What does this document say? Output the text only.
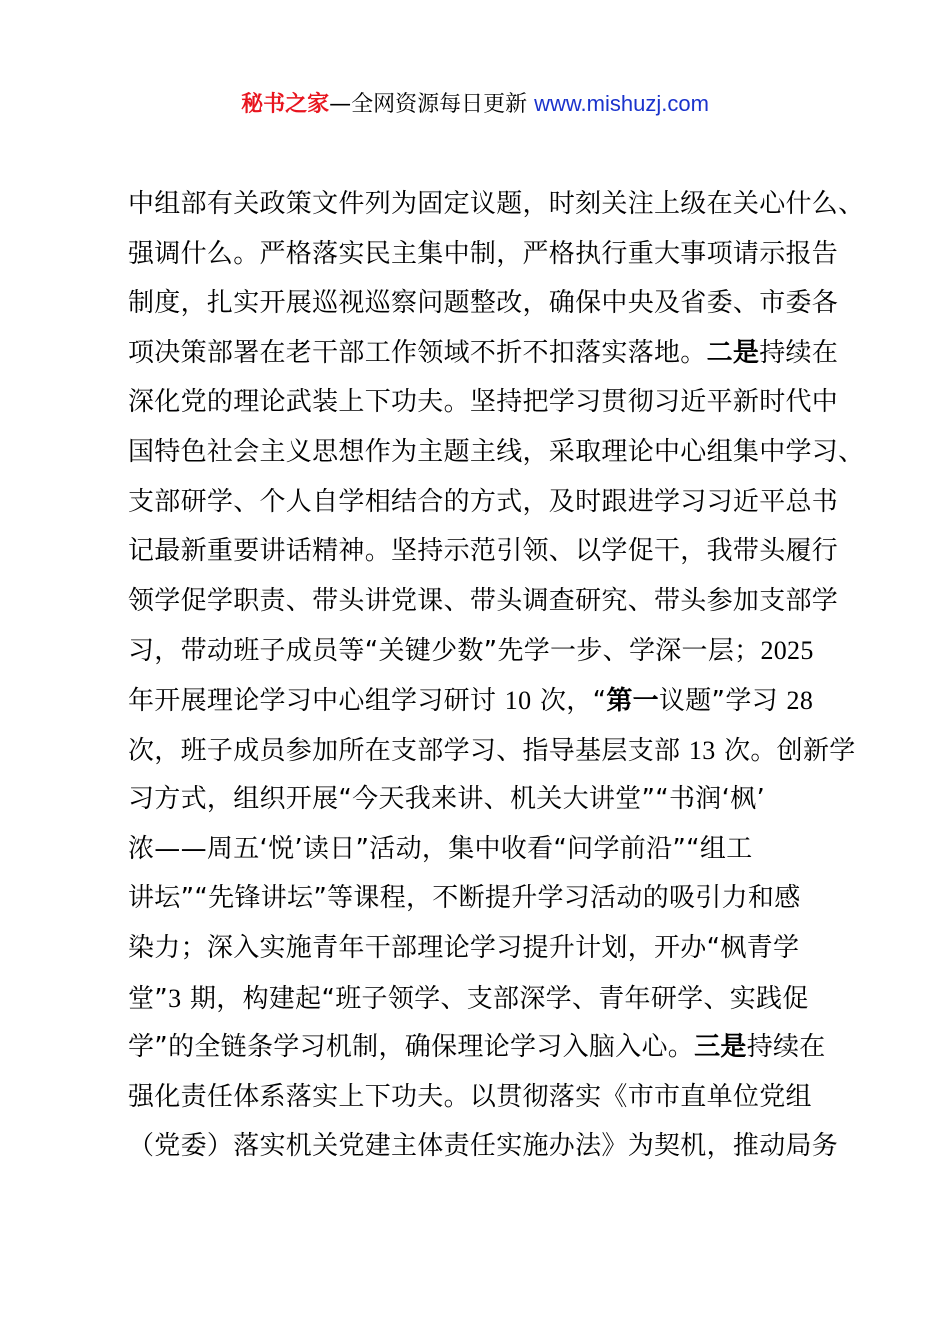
秘书之家—全网资源每日更新 www.mishuzj.com
中组部有关政策文件列为固定议题，时刻关注上级在关心什么、
强调什么。严格落实民主集中制，严格执行重大事项请示报告
制度，扎实开展巡视巡察问题整改，确保中央及省委、市委各
项决策部署在老干部工作领域不折不扣落实落地。二是持续在
深化党的理论武装上下功夫。坚持把学习贯彻习近平新时代中
国特色社会主义思想作为主题主线，采取理论中心组集中学习、
支部研学、个人自学相结合的方式，及时跟进学习习近平总书
记最新重要讲话精神。坚持示范引领、以学促干，我带头履行
领学促学职责、带头讲党课、带头调查研究、带头参加支部学
习，带动班子成员等“关键少数”先学一步、学深一层；2025
年开展理论学习中心组学习研讨 10 次，“第一议题”学习 28
次，班子成员参加所在支部学习、指导基层支部 13 次。创新学
习方式，组织开展“今天我来讲、机关大讲堂”“书润‘枫’
浓——周五‘悦’读日”活动，集中收看“问学前沿”“组工
讲坛”“先锋讲坛”等课程，不断提升学习活动的吸引力和感
染力；深入实施青年干部理论学习提升计划，开办“枫青学
堂”3 期，构建起“班子领学、支部深学、青年研学、实践促
学”的全链条学习机制，确保理论学习入脑入心。三是持续在
强化责任体系落实上下功夫。以贯彻落实《市市直单位党组
（党委）落实机关党建主体责任实施办法》为契机，推动局务
